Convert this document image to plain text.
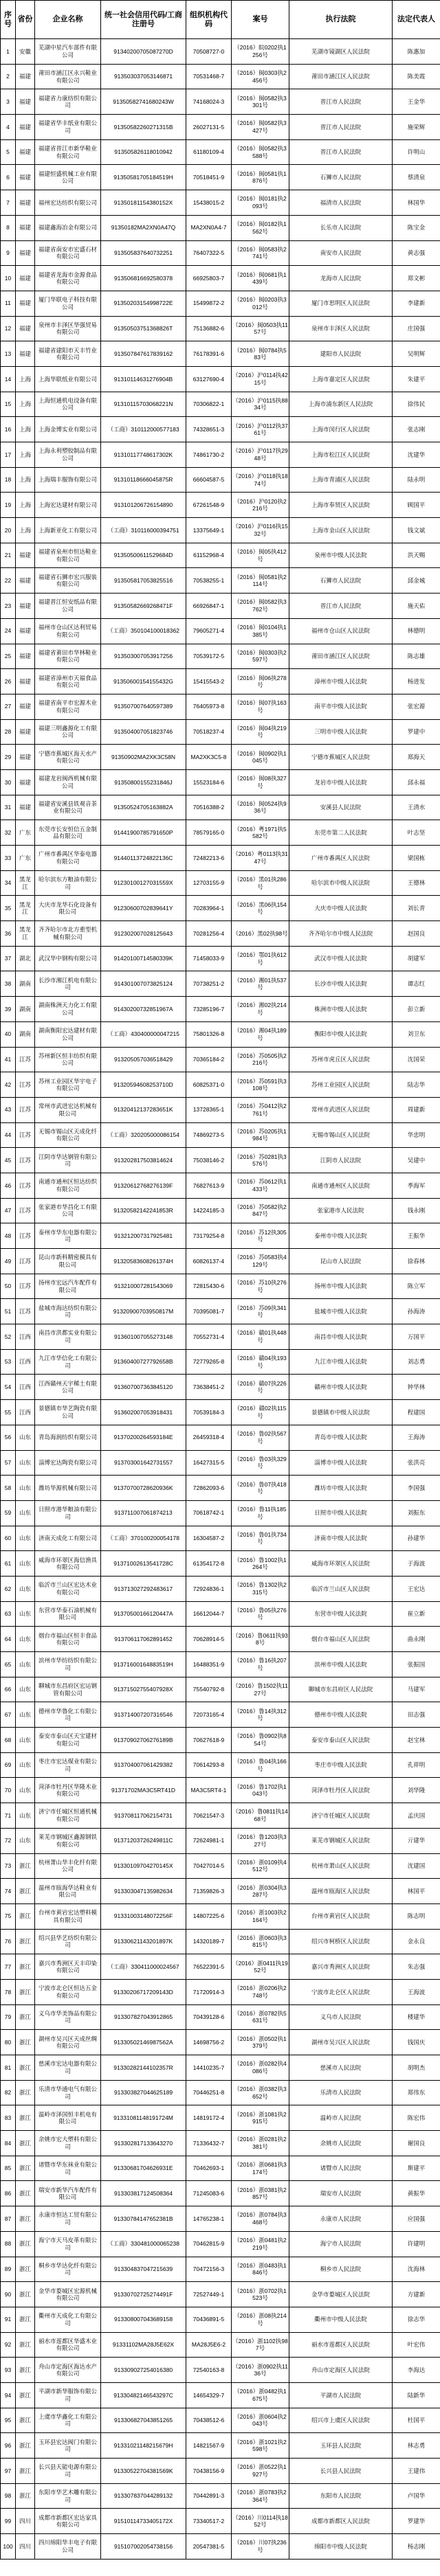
序号	省份	企业名称	统一社会信用代码/工商注册号	组织机构代码	案号	执行法院	法定代表人
1	安徽	芜湖中星汽车部件有限公司	91340200705087270D	70508727-0	（2016）皖0202执1256号	芜湖市镜湖区人民法院	陈惠加
2	福建	莆田市涵江区永兴鞋业有限公司	913503037053146871	70531468-7	（2016）闽0303执2456号	莆田市涵江区人民法院	陈美霞
3	福建	福建省力康纺织有限公司	91350582741680243W	74168024-3	（2016）闽0582执3301号	晋江市人民法院	王金华
4	福建	福建省华丰纸业有限公司	91350582260271315B	26027131-5	（2016）闽0582执3427号	晋江市人民法院	施荣辉
5	福建	福建省晋江市新华鞋业有限公司	913505826118010942	61180109-4	（2016）闽0582执3588号	晋江市人民法院	许明山
6	福建	福建恒盛机械工业有限公司	91350581705184519H	70518451-9	（2016）闽0581执1876号	石狮市人民法院	蔡清泉
7	福建	福州宏达纺织有限公司	91350181154380152X	15438015-2	（2016）闽0181执2093号	福清市人民法院	林国华
8	福建	福建鑫海冶金有限公司	91350182MA2XN0A47Q	MA2XN0A4-7	（2016）闽0182执1562号	长乐市人民法院	陈宝金
9	福建	福建省南安市宏盛石材有限公司	913505837640732251	76407322-5	（2016）闽0583执2741号	南安市人民法院	黄志强
10	福建	福建省龙海市金源食品有限公司	913506816692580378	66925803-7	（2016）闽0681执1439号	龙海市人民法院	郑文彬
11	福建	厦门华联电子科技有限公司	91350203154998722E	15499872-2	（2016）闽0203执3012号	厦门市思明区人民法院	李建新
12	福建	泉州市丰泽区华强贸易有限公司	91350503751368826T	75136882-6	（2016）闽0503执1157号	泉州市丰泽区人民法院	庄国强
13	福建	福建省建阳市天丰竹业有限公司	913507847617839162	76178391-6	（2016）闽0784执583号	建阳市人民法院	吴明辉
14	上海	上海华联纸业有限公司	91310114631276904B	63127690-4	（2016）沪0114执4215号	上海市嘉定区人民法院	朱建平
15	上海	上海恒通机电设备有限公司	91310115703068221N	70306822-1	（2016）沪0115执8834号	上海市浦东新区人民法院	徐伟民
16	上海	上海金博实业有限公司	（工商）310112000577183	74328651-3	（2016）沪0112执3761号	上海市闵行区人民法院	张志刚
17	上海	上海永利塑胶制品有限公司	91310117748617302K	74861730-2	（2016）沪0117执2948号	上海市松江区人民法院	沈建华
18	上海	上海瑞丰服饰有限公司	91310118666045875R	66604587-5	（2016）沪0118执1874号	上海市青浦区人民法院	陆永明
19	上海	上海宏达建材有限公司	913101206726154890	67261548-9	（2016）沪0120执2216号	上海市奉贤区人民法院	顾国平
20	上海	上海新亚化工有限公司	（工商）310116000394751	13375649-1	（2016）沪0116执1532号	上海市金山区人民法院	钱文斌
21	福建	福建省泉州市恒达鞋业有限公司	91350500611529684D	61152968-4	（2016）闽05执412号	泉州市中级人民法院	洪天赐
22	福建	福建省石狮市宏兴服装有限公司	913505817053825516	70538255-1	（2016）闽0581执2114号	石狮市人民法院	邱金城
23	福建	福建晋江恒安纸品有限公司	91350582669268471F	66926847-1	（2016）闽0582执3762号	晋江市人民法院	施天佑
24	福建	福州市仓山区达利贸易有限公司	（工商）350104100018362	79605271-4	（2016）闽0104执1385号	福州市仓山区人民法院	林德明
25	福建	福建省莆田市华林鞋业有限公司	913503007053917256	70539172-5	（2016）闽0303执2597号	莆田市涵江区人民法院	陈志雄
26	福建	福建省漳州市天福食品有限公司	91350600154155432G	15415543-2	（2016）闽06执278号	漳州市中级人民法院	杨进发
27	福建	福建省南平市宏源木业有限公司	913507007640597389	76405973-8	（2016）闽07执163号	南平市中级人民法院	张宏源
28	福建	福建三明鑫源化工有限公司	913504007051823746	70518237-4	（2016）闽04执219号	三明市中级人民法院	罗建中
29	福建	宁德市蕉城区海天水产有限公司	91350902MA2XK3C58N	MA2XK3C5-8	（2016）闽0902执1045号	宁德市蕉城区人民法院	郑海天
30	福建	福建龙岩闽西机械有限公司	91350800155231846J	15523184-6	（2016）闽08执327号	龙岩市中级人民法院	邱永福
31	福建	福建省安溪县铁观音茶业有限公司	91350524705163882A	70516388-2	（2016）闽0524执936号	安溪县人民法院	王清水
32	广东	东莞市长安恒信五金制品有限公司	91441900785791650P	78579165-0	（2016）粤1971执5582号	东莞市第二人民法院	叶志坚
33	广东	广州市番禺区华泰电器有限公司	91440113724822136C	72482213-6	（2016）粤0113执3147号	广州市番禺区人民法院	梁国栋
34	黑龙江	哈尔滨东方粮油有限公司	91230100127031559X	12703155-9	（2016）黑01执286号	哈尔滨市中级人民法院	王德林
35	黑龙江	大庆市龙华石化设备有限公司	91230600702839641Y	70283964-1	（2016）黑06执154号	大庆市中级人民法院	刘长青
36	黑龙江	齐齐哈尔市北方重型机械有限公司	912302007028125643	70281256-4	（2016）黑02执98号	齐齐哈尔市中级人民法院	赵国良
37	湖北	武汉华中钢构有限公司	91420100714580339K	71458033-9	（2016）鄂01执612号	武汉市中级人民法院	胡建军
38	湖南	长沙市湘江机电有限公司	914301007073825124	70738251-2	（2016）湘01执537号	长沙市中级人民法院	谭志红
39	湖南	湖南株洲天力化工有限公司	91430200732851967A	73285196-7	（2016）湘02执214号	株洲市中级人民法院	彭立新
40	湖南	湖南衡阳宏达建材有限公司	（工商）430400000047215	75801326-8	（2016）湘04执189号	衡阳市中级人民法院	刘卫东
41	江苏	苏州新区恒丰纺织有限公司	913205057036518429	70365184-2	（2016）苏0505执2216号	苏州市虎丘区人民法院	沈国荣
42	江苏	苏州工业园区华宇电子有限公司	91320594608253710D	60825371-0	（2016）苏0591执3108号	苏州工业园区人民法院	陆志华
43	江苏	常州市武进宏达机械有限公司	91320412137283651K	13728365-1	（2016）苏0412执2761号	常州市武进区人民法院	周建新
44	江苏	无锡市锡山区天成化纤有限公司	（工商）320205000086154	74869273-5	（2016）苏0205执1984号	无锡市锡山区人民法院	华忠明
45	江苏	江阴市华达钢管有限公司	913202817503814624	75038146-2	（2016）苏0281执3576号	江阴市人民法院	吴建中
46	江苏	南通市通州区恒达纺织有限公司	91320612768276139F	76827613-9	（2016）苏0612执1433号	南通市通州区人民法院	季海军
47	江苏	张家港市华昌化工有限公司	91320582142241853R	14224185-3	（2016）苏0582执2847号	张家港市人民法院	钱永刚
48	江苏	泰州市华东电器有限公司	913212007317925481	73179254-8	（2016）苏12执305号	泰州市中级人民法院	王振华
49	江苏	昆山市新科精密模具有限公司	91320583608261374H	60826137-4	（2016）苏0583执4129号	昆山市人民法院	徐春林
50	江苏	扬州市宏远汽车配件有限公司	913210007281543069	72815430-6	（2016）苏10执276号	扬州市中级人民法院	陈立军
51	江苏	盐城市海达纺织有限公司	91320900703950817M	70395081-7	（2016）苏09执341号	盐城市中级人民法院	孙海涛
52	江西	南昌市洪都实业有限公司	913601007055273148	70552731-4	（2016）赣01执448号	南昌市中级人民法院	万国平
53	江西	九江市华信化工有限公司	91360400727792658B	72779265-8	（2016）赣04执193号	九江市中级人民法院	刘志勇
54	江西	江西赣州天宇稀土有限公司	913607007363845120	73638451-2	（2016）赣07执226号	赣州市中级人民法院	钟华林
55	江西	景德镇市华艺陶瓷有限公司	913602007053918431	70539184-3	（2016）赣02执115号	景德镇市中级人民法院	程建国
56	山东	青岛海润纺织有限公司	91370200264593184E	26459318-4	（2016）鲁02执567号	青岛市中级人民法院	王海涛
57	山东	淄博宏达陶瓷有限公司	913703001642731557	16427315-5	（2016）鲁03执329号	淄博市中级人民法院	张洪亮
58	山东	潍坊华源机械有限公司	91370700728620936K	72862093-6	（2016）鲁07执418号	潍坊市中级人民法院	李国强
59	山东	日照市港华粮油有限公司	913711007061874213	70618742-1	（2016）鲁11执185号	日照市中级人民法院	刘振东
60	山东	济南天成化工有限公司	（工商）370100200054178	16304587-2	（2016）鲁01执734号	济南市中级人民法院	孙建华
61	山东	威海市环翠区海信渔具有限公司	91371002613541728C	61354172-8	（2016）鲁1002执1264号	威海市环翠区人民法院	于海波
62	山东	临沂市兰山区宏达木业有限公司	913713027292483617	72924836-1	（2016）鲁1302执2315号	临沂市兰山区人民法院	王宏达
63	山东	东营市华泰石油机械有限公司	91370500166120447A	16612044-7	（2016）鲁05执276号	东营市中级人民法院	崔立新
64	山东	烟台市福山区恒丰食品有限公司	913706117062891452	70628914-5	（2016）鲁0611执938号	烟台市福山区人民法院	曲永刚
65	山东	滨州市华纺纺织有限公司	91371600164883519H	16488351-9	（2016）鲁16执207号	滨州市中级人民法院	张振国
66	山东	聊城市东昌府区宏运钢管有限公司	91371502755407928X	75540792-8	（2016）鲁1502执1127号	聊城市东昌府区人民法院	马建军
67	山东	德州市华鲁化工有限公司	913714007207316546	72073165-4	（2016）鲁14执312号	德州市中级人民法院	田志强
68	山东	泰安市泰山区天宝建材有限公司	91370902706276189B	70627618-9	（2016）鲁0902执854号	泰安市泰山区人民法院	赵宝林
69	山东	枣庄市宏达煤业有限公司	913704007061429382	70614293-8	（2016）鲁04执166号	枣庄市中级人民法院	孔祥明
70	山东	菏泽市牡丹区华隆木业有限公司	91371702MA3C5RT41D	MA3C5RT4-1	（2016）鲁1702执1043号	菏泽市牡丹区人民法院	刘华隆
71	山东	济宁市任城区恒通机械有限公司	913708117062154731	70621547-3	（2016）鲁0811执1468号	济宁市任城区人民法院	孟庆国
72	山东	莱芜市钢城区鑫源钢铁有限公司	91371203726249811C	72624981-1	（2016）鲁1203执327号	莱芜市钢城区人民法院	亓建华
73	浙江	杭州萧山华丰化纤有限公司	91330109704270145X	70427014-5	（2016）浙0109执4512号	杭州市萧山区人民法院	沈建国
74	浙江	温州市瓯海华达鞋业有限公司	913303047135982634	71359826-3	（2016）浙0304执3287号	温州市瓯海区人民法院	林国平
75	浙江	台州市黄岩宏达塑料模具有限公司	91331003148072256F	14807225-6	（2016）浙1003执2164号	台州市黄岩区人民法院	陈志明
76	浙江	绍兴县华艺纺织有限公司	91330621143201897K	14320189-7	（2016）浙0603执3815号	绍兴市柯桥区人民法院	金永良
77	浙江	嘉兴市秀洲区天丰印染有限公司	（工商）330411000024567	76522391-5	（2016）浙0411执1952号	嘉兴市秀洲区人民法院	朱志强
78	浙江	宁波市北仑区恒达五金有限公司	91330206717209143D	71720914-3	（2016）浙0206执2748号	宁波市北仑区人民法院	王海波
79	浙江	义乌市华美饰品有限公司	913307827043912865	70439128-6	（2016）浙0782执5631号	义乌市人民法院	楼建华
80	浙江	湖州市吴兴区天成丝绸有限公司	91330502146987562A	14698756-2	（2016）浙0502执1379号	湖州市吴兴区人民法院	钱国庆
81	浙江	慈溪市宏达电器有限公司	91330282144102357R	14410235-7	（2016）浙0282执4086号	慈溪市人民法院	胡明杰
82	浙江	乐清市华通电气有限公司	913303827044625189	70446251-8	（2016）浙0382执3652号	乐清市人民法院	郑伟东
83	浙江	温岭市泽国恒丰机电有限公司	91331081148191724M	14819172-4	（2016）浙1081执2915号	温岭市人民法院	陈宏伟
84	浙江	余姚市宏大塑料有限公司	913302817133643270	71336432-7	（2016）浙0281执2381号	余姚市人民法院	谢国良
85	浙江	诸暨市华东袜业有限公司	91330681704626931E	70462693-1	（2016）浙0681执3174号	诸暨市人民法院	斯建平
86	浙江	瑞安市新华汽车配件有限公司	913303817124508364	71245083-6	（2016）浙0381执2857号	瑞安市人民法院	黄振华
87	浙江	永康市恒达工贸有限公司	91330784147652381B	14765238-1	（2016）浙0784执3468号	永康市人民法院	应国强
88	浙江	海宁市天马皮革有限公司	（工商）330481000065238	70462815-9	（2016）浙0481执2219号	海宁市人民法院	许建明
89	浙江	桐乡市华达化纤有限公司	913304837047215639	70472156-3	（2016）浙0483执1846号	桐乡市人民法院	沈海林
90	浙江	金华市婺城区宏源机械有限公司	91330702725274491F	72527449-1	（2016）浙0702执1523号	金华市婺城区人民法院	方建新
91	浙江	衢州市天成化工有限公司	913308007043689158	70436891-5	（2016）浙08执214号	衢州市中级人民法院	徐志华
92	浙江	丽水市莲都区华盛木业有限公司	91331102MA28J5E62X	MA28J5E6-2	（2016）浙1102执987号	丽水市莲都区人民法院	叶宏伟
93	浙江	舟山市定海区海达水产有限公司	913309027254016380	72540163-8	（2016）浙0902执1136号	舟山市定海区人民法院	李海达
94	浙江	平湖市新华服饰有限公司	91330482146543297C	14654329-7	（2016）浙0482执1675号	平湖市人民法院	陆新华
95	浙江	上虞市华鑫化工有限公司	913306827043851265	70438512-6	（2016）浙0604执2043号	绍兴市上虞区人民法院	杜国平
96	浙江	玉环县宏达阀门有限公司	91331021148215679H	14821567-9	（2016）浙1021执2598号	玉环县人民法院	林志勇
97	浙江	长兴县天能电源有限公司	91330522704381569K	70438156-9	（2016）浙0522执1927号	长兴县人民法院	王建伟
98	浙江	东阳市华艺木雕有限公司	913307837044289132	70442891-3	（2016）浙0783执2364号	东阳市人民法院	卢国华
99	四川	成都市新都区宏达家具有限公司	91510114733405172X	73340517-2	（2016）川0114执1852号	成都市新都区人民法院	罗建华
100	四川	四川绵阳华丰电子有限公司	915107002054738156	20547381-5	（2016）川07执236号	绵阳市中级人民法院	杨志刚
